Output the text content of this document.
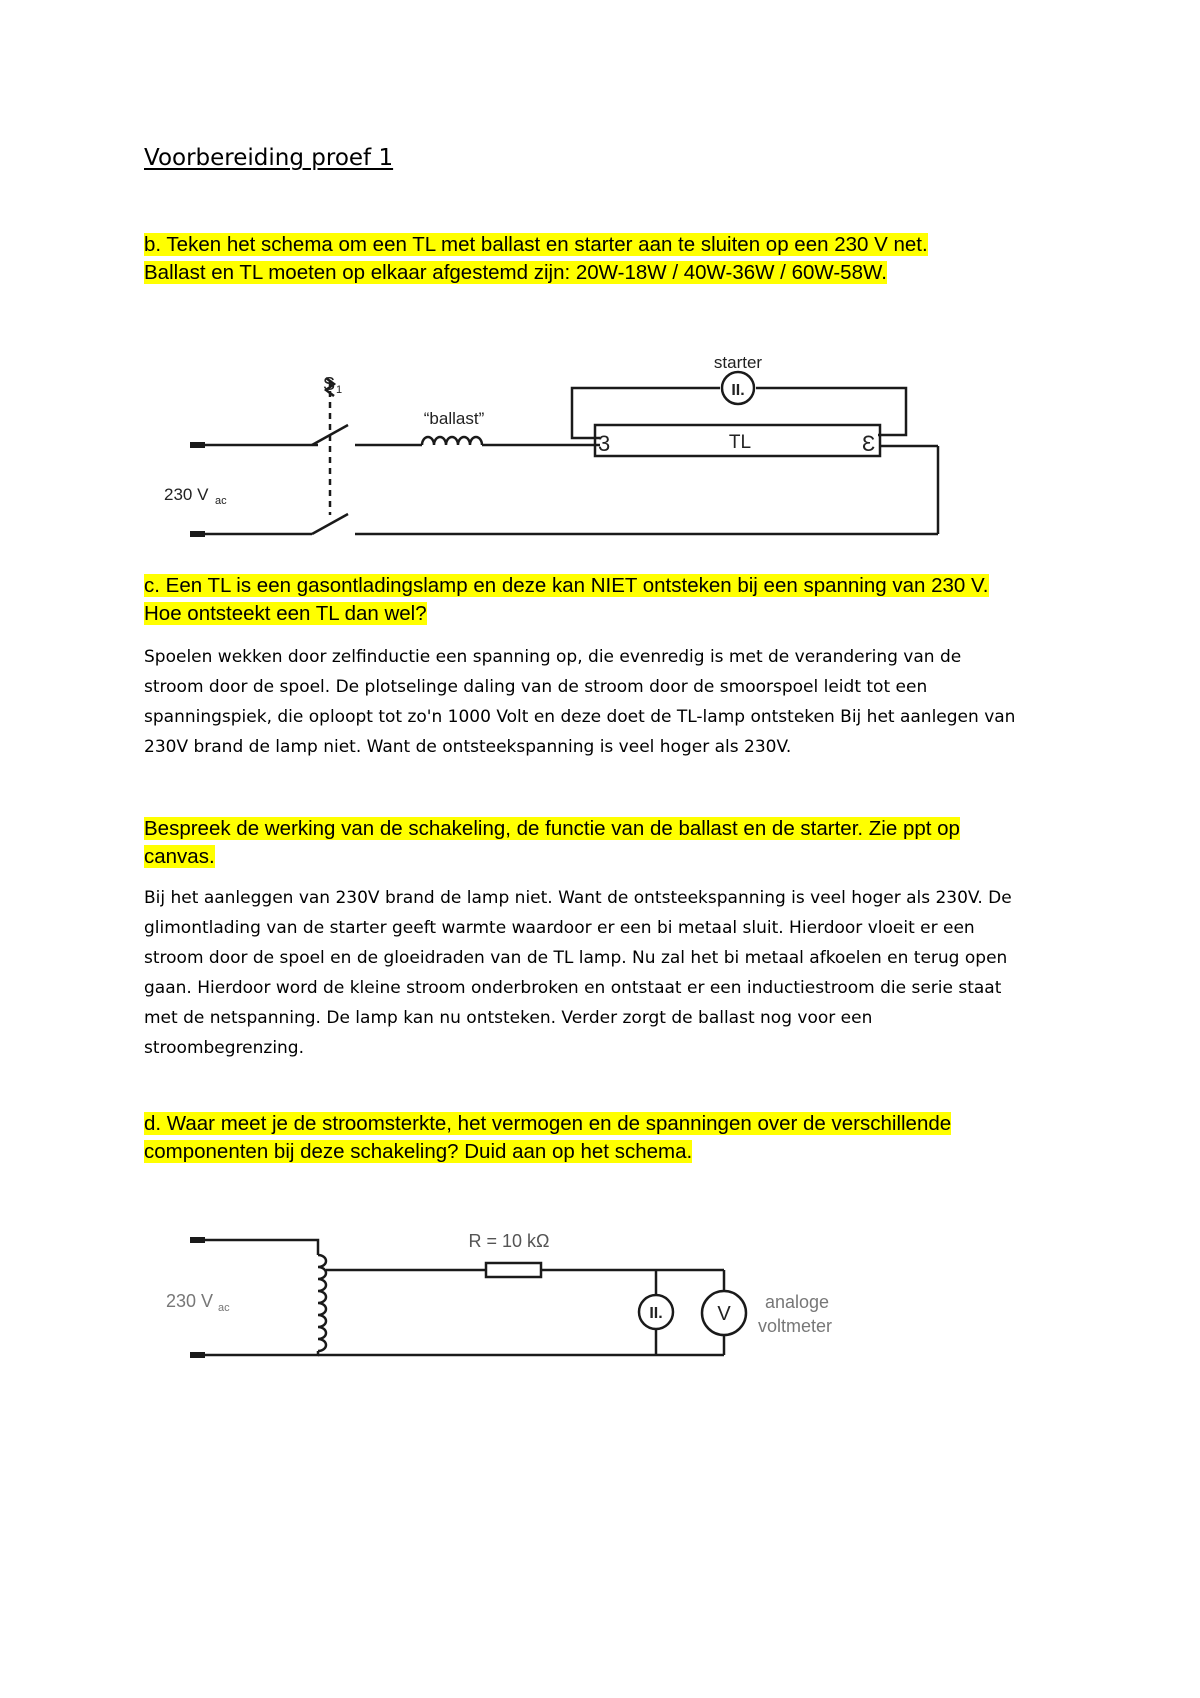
Voorbereiding proef 1
b. Teken het schema om een TL met ballast en starter aan te sluiten op een 230 V net.
Ballast en TL moeten op elkaar afgestemd zijn: 20W-18W / 40W-36W / 60W-58W.
starter
II.
S 1
“ballast”
TL
3	Ɛ
230 V ac
c. Een TL is een gasontladingslamp en deze kan NIET ontsteken bij een spanning van 230 V.
Hoe ontsteekt een TL dan wel?
Spoelen wekken door zelfinductie een spanning op, die evenredig is met de verandering van de
stroom door de spoel. De plotselinge daling van de stroom door de smoorspoel leidt tot een
spanningspiek, die oploopt tot zo'n 1000 Volt en deze doet de TL-lamp ontsteken Bij het aanlegen van
230V brand de lamp niet. Want de ontsteekspanning is veel hoger als 230V.
Bespreek de werking van de schakeling, de functie van de ballast en de starter. Zie ppt op
canvas.
Bij het aanleggen van 230V brand de lamp niet. Want de ontsteekspanning is veel hoger als 230V. De
glimontlading van de starter geeft warmte waardoor er een bi metaal sluit. Hierdoor vloeit er een
stroom door de spoel en de gloeidraden van de TL lamp. Nu zal het bi metaal afkoelen en terug open
gaan. Hierdoor word de kleine stroom onderbroken en ontstaat er een inductiestroom die serie staat
met de netspanning. De lamp kan nu ontsteken. Verder zorgt de ballast nog voor een
stroombegrenzing.
d. Waar meet je de stroomsterkte, het vermogen en de spanningen over de verschillende
componenten bij deze schakeling? Duid aan op het schema.
R = 10 kΩ
II.	V
analoge
voltmeter
230 V ac
